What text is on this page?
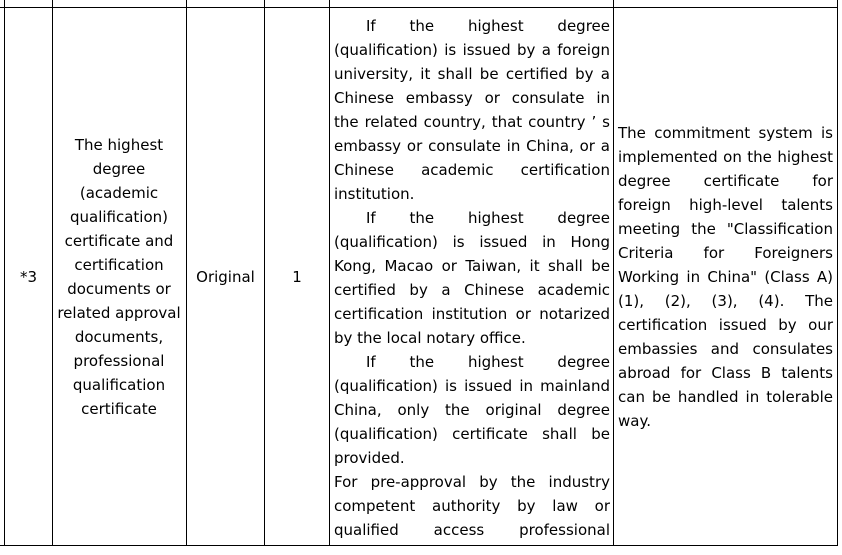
*3
The highest degree (academic qualification) certificate and certification documents or related approval documents, professional qualification certificate
Original 1

If the highest degree (qualification) is issued by a foreign university, it shall be certified by a Chinese embassy or consulate in the related country, that country ’ s embassy or consulate in China, or a Chinese academic certification institution.

If the highest degree (qualification) is issued in Hong Kong, Macao or Taiwan, it shall be certified by a Chinese academic certification institution or notarized by the local notary office.

If the highest degree (qualification) is issued in mainland China, only the original degree (qualification) certificate shall be provided.

For pre-approval by the industry competent authority by law or qualified access professional

The commitment system is implemented on the highest degree certificate for foreign high-level talents meeting the "Classification Criteria for Foreigners Working in China" (Class A) (1), (2), (3), (4). The certification issued by our embassies and consulates abroad for Class B talents can be handled in tolerable way.
